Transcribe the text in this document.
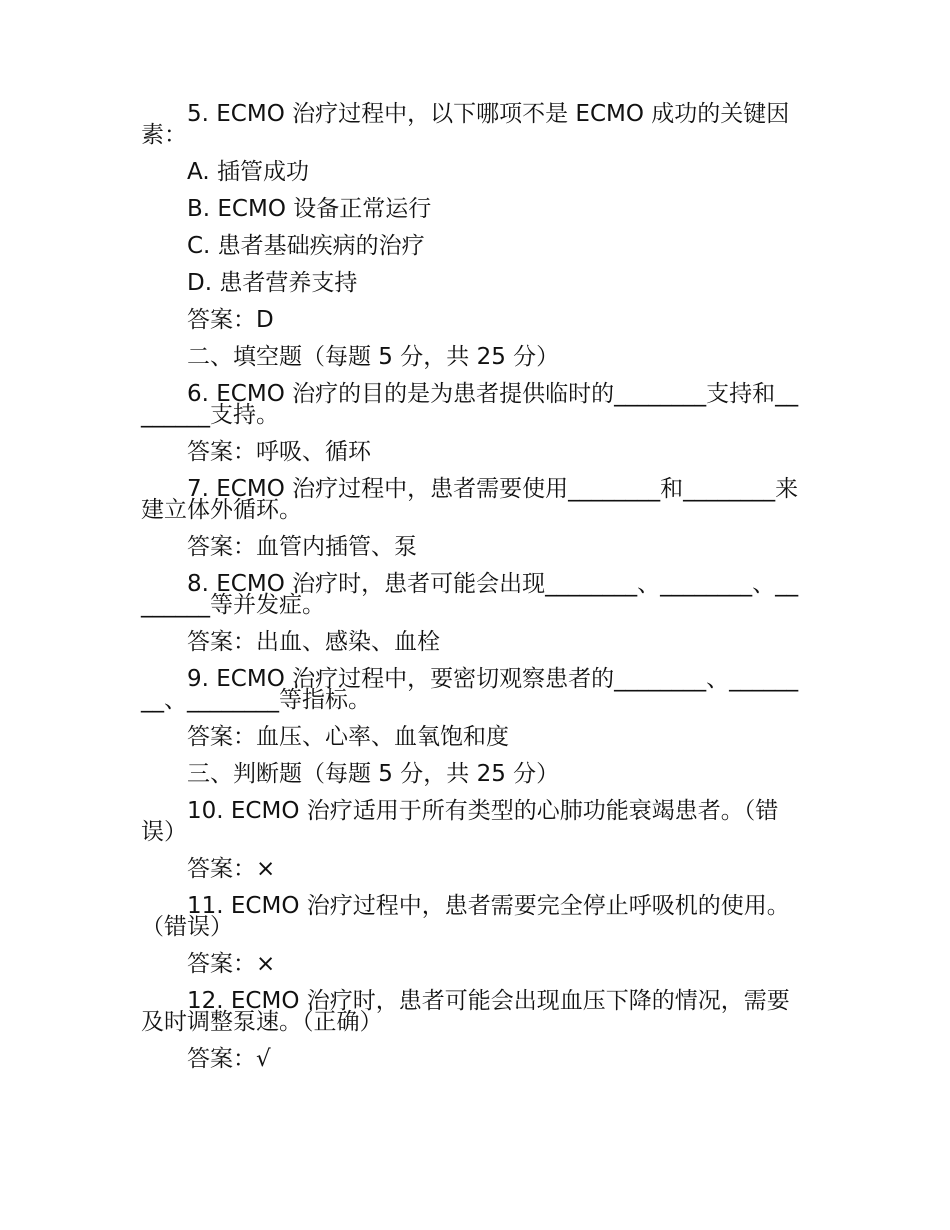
5. ECMO 治疗过程中，以下哪项不是 ECMO 成功的关键因素：

A. 插管成功

B. ECMO 设备正常运行

C. 患者基础疾病的治疗

D. 患者营养支持

答案：D

二、填空题（每题 5 分，共 25 分）

6. ECMO 治疗的目的是为患者提供临时的________支持和________支持。

答案：呼吸、循环

7. ECMO 治疗过程中，患者需要使用________和________来建立体外循环。

答案：血管内插管、泵

8. ECMO 治疗时，患者可能会出现________、________、________等并发症。

答案：出血、感染、血栓

9. ECMO 治疗过程中，要密切观察患者的________、________、________等指标。

答案：血压、心率、血氧饱和度

三、判断题（每题 5 分，共 25 分）

10. ECMO 治疗适用于所有类型的心肺功能衰竭患者。（错误）

答案：×

11. ECMO 治疗过程中，患者需要完全停止呼吸机的使用。（错误）

答案：×

12. ECMO 治疗时，患者可能会出现血压下降的情况，需要及时调整泵速。（正确）

答案：√
